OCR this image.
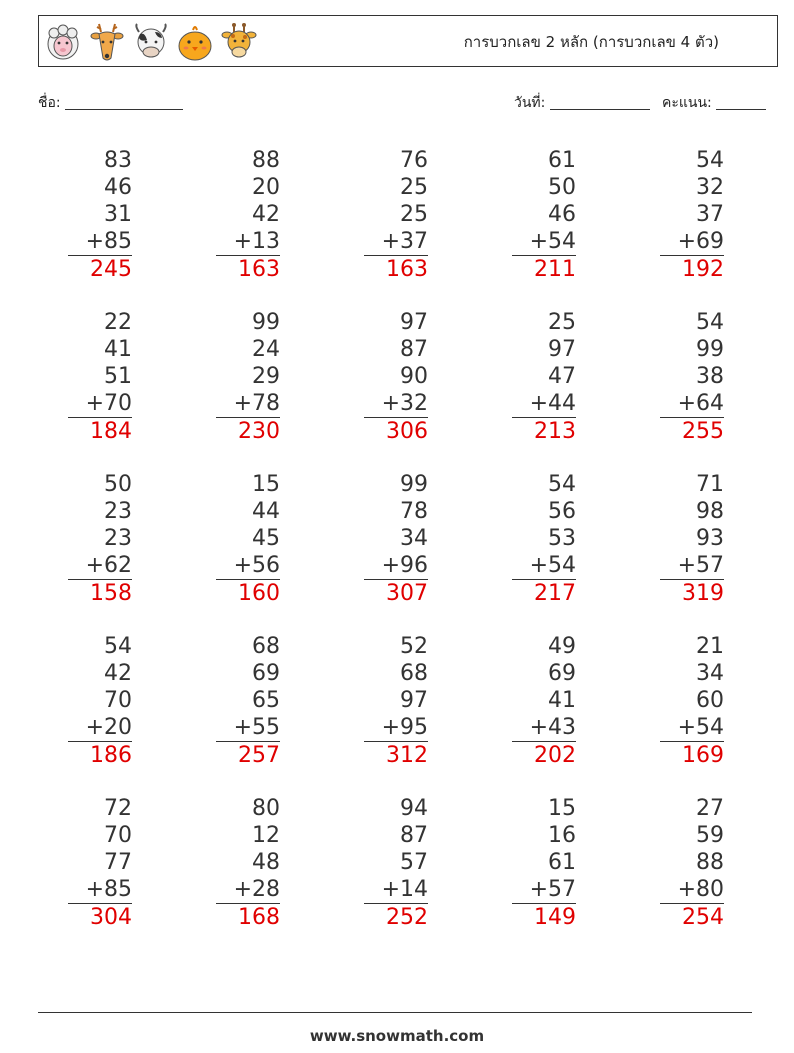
การบวกเลข 2 หลัก (การบวกเลข 4 ตัว)
ชื่อ:	วันที่:	คะแนน:
83
46
31
+85
245
88
20
42
+13
163
76
25
25
+37
163
61
50
46
+54
211
54
32
37
+69
192
22
41
51
+70
184
99
24
29
+78
230
97
87
90
+32
306
25
97
47
+44
213
54
99
38
+64
255
50
23
23
+62
158
15
44
45
+56
160
99
78
34
+96
307
54
56
53
+54
217
71
98
93
+57
319
54
42
70
+20
186
68
69
65
+55
257
52
68
97
+95
312
49
69
41
+43
202
21
34
60
+54
169
72
70
77
+85
304
80
12
48
+28
168
94
87
57
+14
252
15
16
61
+57
149
27
59
88
+80
254
www.snowmath.com
